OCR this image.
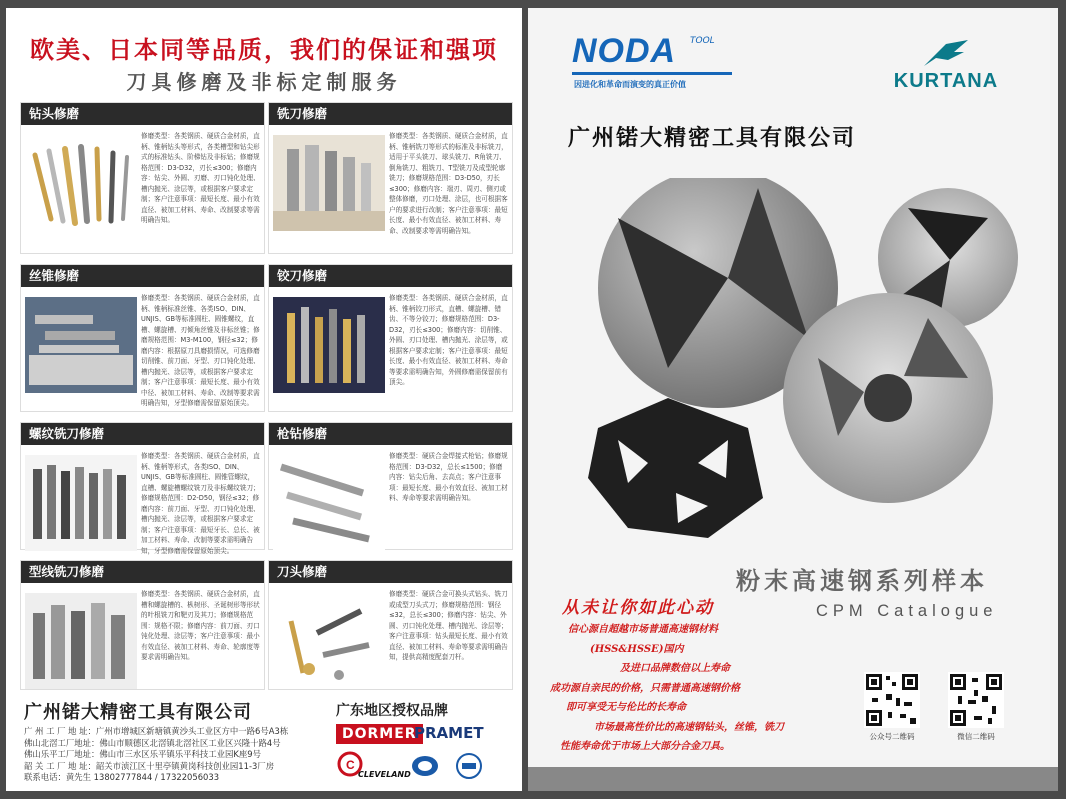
欧美、日本同等品质，我们的保证和强项
刀具修磨及非标定制服务
钻头修磨
修磨类型：各类钢质、硬质合金材质，直柄、锥柄钻头等形式，各类槽型和钻尖形式的标准钻头、阶梯钻及非标钻；修磨规格范围：D3-D32，刃长≤300；修磨内容：钻尖、外圆、刃磨、刃口钝化处理、槽内抛光、涂层等，或根据客户要求定制；客户注意事项：最短长度、最小有效直径、被加工材料、寿命、改制要求等需明确告知。
铣刀修磨
修磨类型：各类钢质、硬质合金材质，直柄、锥柄铣刀等形式的标准及非标铣刀，适用于平头铣刀、球头铣刀、R角铣刀、倒角铣刀、粗铣刀、T型铣刀及成型轮廓铣刀；修磨规格范围：D3-D50，刃长≤300；修磨内容：端刃、周刃、侧刃或整体修磨，刃口处理、涂层，也可根据客户的要求进行改制；客户注意事项：最短长度、最小有效直径、被加工材料、寿命、改制要求等需明确告知。
丝锥修磨
修磨类型：各类钢质、硬质合金材质，直柄、锥柄标准丝锥、各类ISO、DIN、UNJIS、GB等标准圆柱、圆锥螺纹，直槽、螺旋槽、刃倾角丝锥及非标丝锥；修磨规格范围：M3-M100，钢径≤32；修磨内容：根据原刀具磨损情况，可选修磨切削锥、前刀面、牙型、刃口钝化处理、槽内抛光、涂层等，或根据客户要求定制；客户注意事项：最短长度、最小有效中径、被加工材料、寿命、改制等要求需明确告知，牙型修磨需保留原始顶尖。
铰刀修磨
修磨类型：各类钢质、硬质合金材质，直柄、锥柄铰刀形式，直槽、螺旋槽、错齿、不等分铰刀；修磨规格范围：D3-D32，刃长≤300；修磨内容：切削锥、外圆、刃口处理、槽内抛光、涂层等，或根据客户要求定制；客户注意事项：最短长度、最小有效直径、被加工材料、寿命等要求需明确告知，外圆修磨需保留前有顶尖。
螺纹铣刀修磨
修磨类型：各类钢质、硬质合金材质，直柄、锥柄等形式，各类ISO、DIN、UNJIS、GB等标准圆柱、圆锥管螺纹，直槽、螺旋槽螺纹铣刀及非标螺纹铣刀；修磨规格范围：D2-D50，钢径≤32；修磨内容：前刀面、牙型、刃口钝化处理、槽内抛光、涂层等，或根据客户要求定制；客户注意事项：最短牙长、总长、被加工材料、寿命、改制等要求需明确告知，牙型修磨需保留原始顶尖。
枪钻修磨
修磨类型：硬质合金焊接式枪钻；修磨规格范围：D3-D32，总长≤1500；修磨内容：钻尖后角、去高点；客户注意事项：最短长度、最小有效直径、被加工材料、寿命等要求需明确告知。
型线铣刀修磨
修磨类型：各类钢质、硬质合金材质，直槽和螺旋槽的、枞树形、圣诞树形等形状的叶根铣刀和靶刃及其刀；修磨规格范围：规格不限；修磨内容：前刀面、刃口钝化处理、涂层等；客户注意事项：最小有效直径、被加工材料、寿命、轮廓度等要求需明确告知。
刀头修磨
修磨类型：硬质合金可换头式钻头、铣刀或成型刀头式刀；修磨规格范围：钢径≤32，总长≤300；修磨内容：钻尖、外圆、刃口钝化处理、槽内抛光、涂层等；客户注意事项：钻头最短长度、最小有效直径、被加工材料、寿命等要求需明确告知，提供高精度配套刀杆。
广州锘大精密工具有限公司
广 州 工 厂 地 址：广州市增城区新塘镇黄沙头工业区方中一路6号A3栋
佛山北滘工厂地址：佛山市顺德区北滘镇北滘社区工业区兴隆十路4号
佛山乐平工厂地址：佛山市三水区乐平镇乐平科技工业园K座9号
韶 关 工 厂 地 址：韶关市浈江区十里亭镇黄岗科技创业园11-3厂房
联系电话：黄先生 13802777844 / 17322056033
广东地区授权品牌
DORMER
PRAMET
C
CLEVELAND
NODA TOOL
因进化和革命而演变的真正价值	KURTANA
广州锘大精密工具有限公司
粉末高速钢系列样本
CPM Catalogue
从未让你如此心动
信心源自超越市场普通高速钢材料
(HSS&HSSE)国内
及进口品牌数倍以上寿命
成功源自亲民的价格，只需普通高速钢价格
即可享受无与伦比的长寿命
市场最高性价比的高速钢钻头，丝锥，铣刀
性能寿命优于市场上大部分合金刀具。
公众号二维码	微信二维码
